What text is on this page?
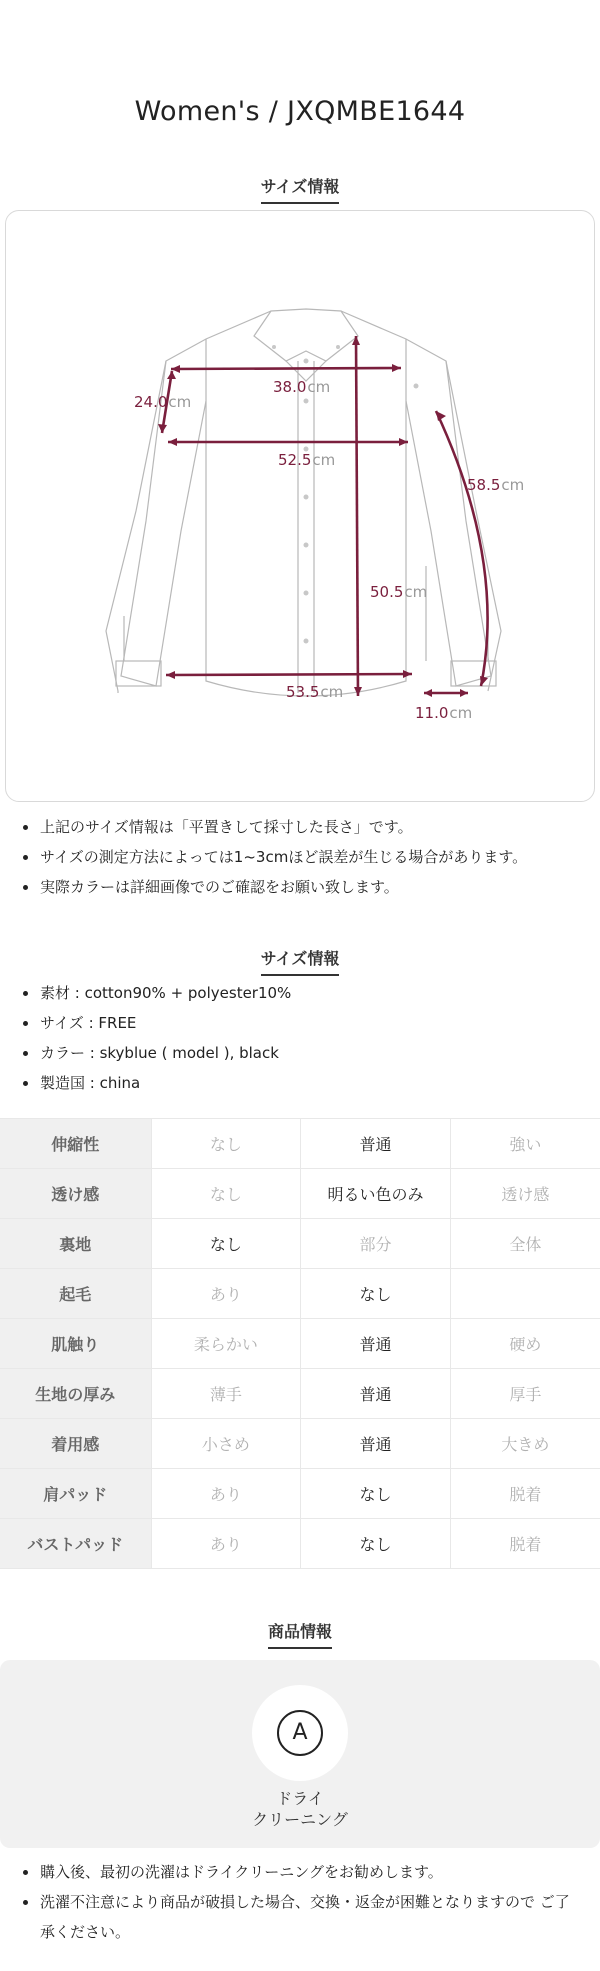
Women's / JXQMBE1644
サイズ情報
24.0cm
38.0cm
52.5cm
58.5cm
50.5cm
53.5cm
11.0cm
上記のサイズ情報は「平置きして採寸した長さ」です。
サイズの測定方法によっては1~3cmほど誤差が生じる場合があります。
実際カラーは詳細画像でのご確認をお願い致します。
サイズ情報
素材 : cotton90% + polyester10%
サイズ : FREE
カラー : skyblue ( model ), black
製造国 : china
伸縮性	なし	普通	強い
透け感	なし	明るい色のみ	透け感
裏地	なし	部分	全体
起毛	あり	なし	
肌触り	柔らかい	普通	硬め
生地の厚み	薄手	普通	厚手
着用感	小さめ	普通	大きめ
肩パッド	あり	なし	脱着
バストパッド	あり	なし	脱着
商品情報
A
ドライ
クリーニング
購入後、最初の洗濯はドライクリーニングをお勧めします。
洗濯不注意により商品が破損した場合、交換・返金が困難となりますので ご了承ください。
